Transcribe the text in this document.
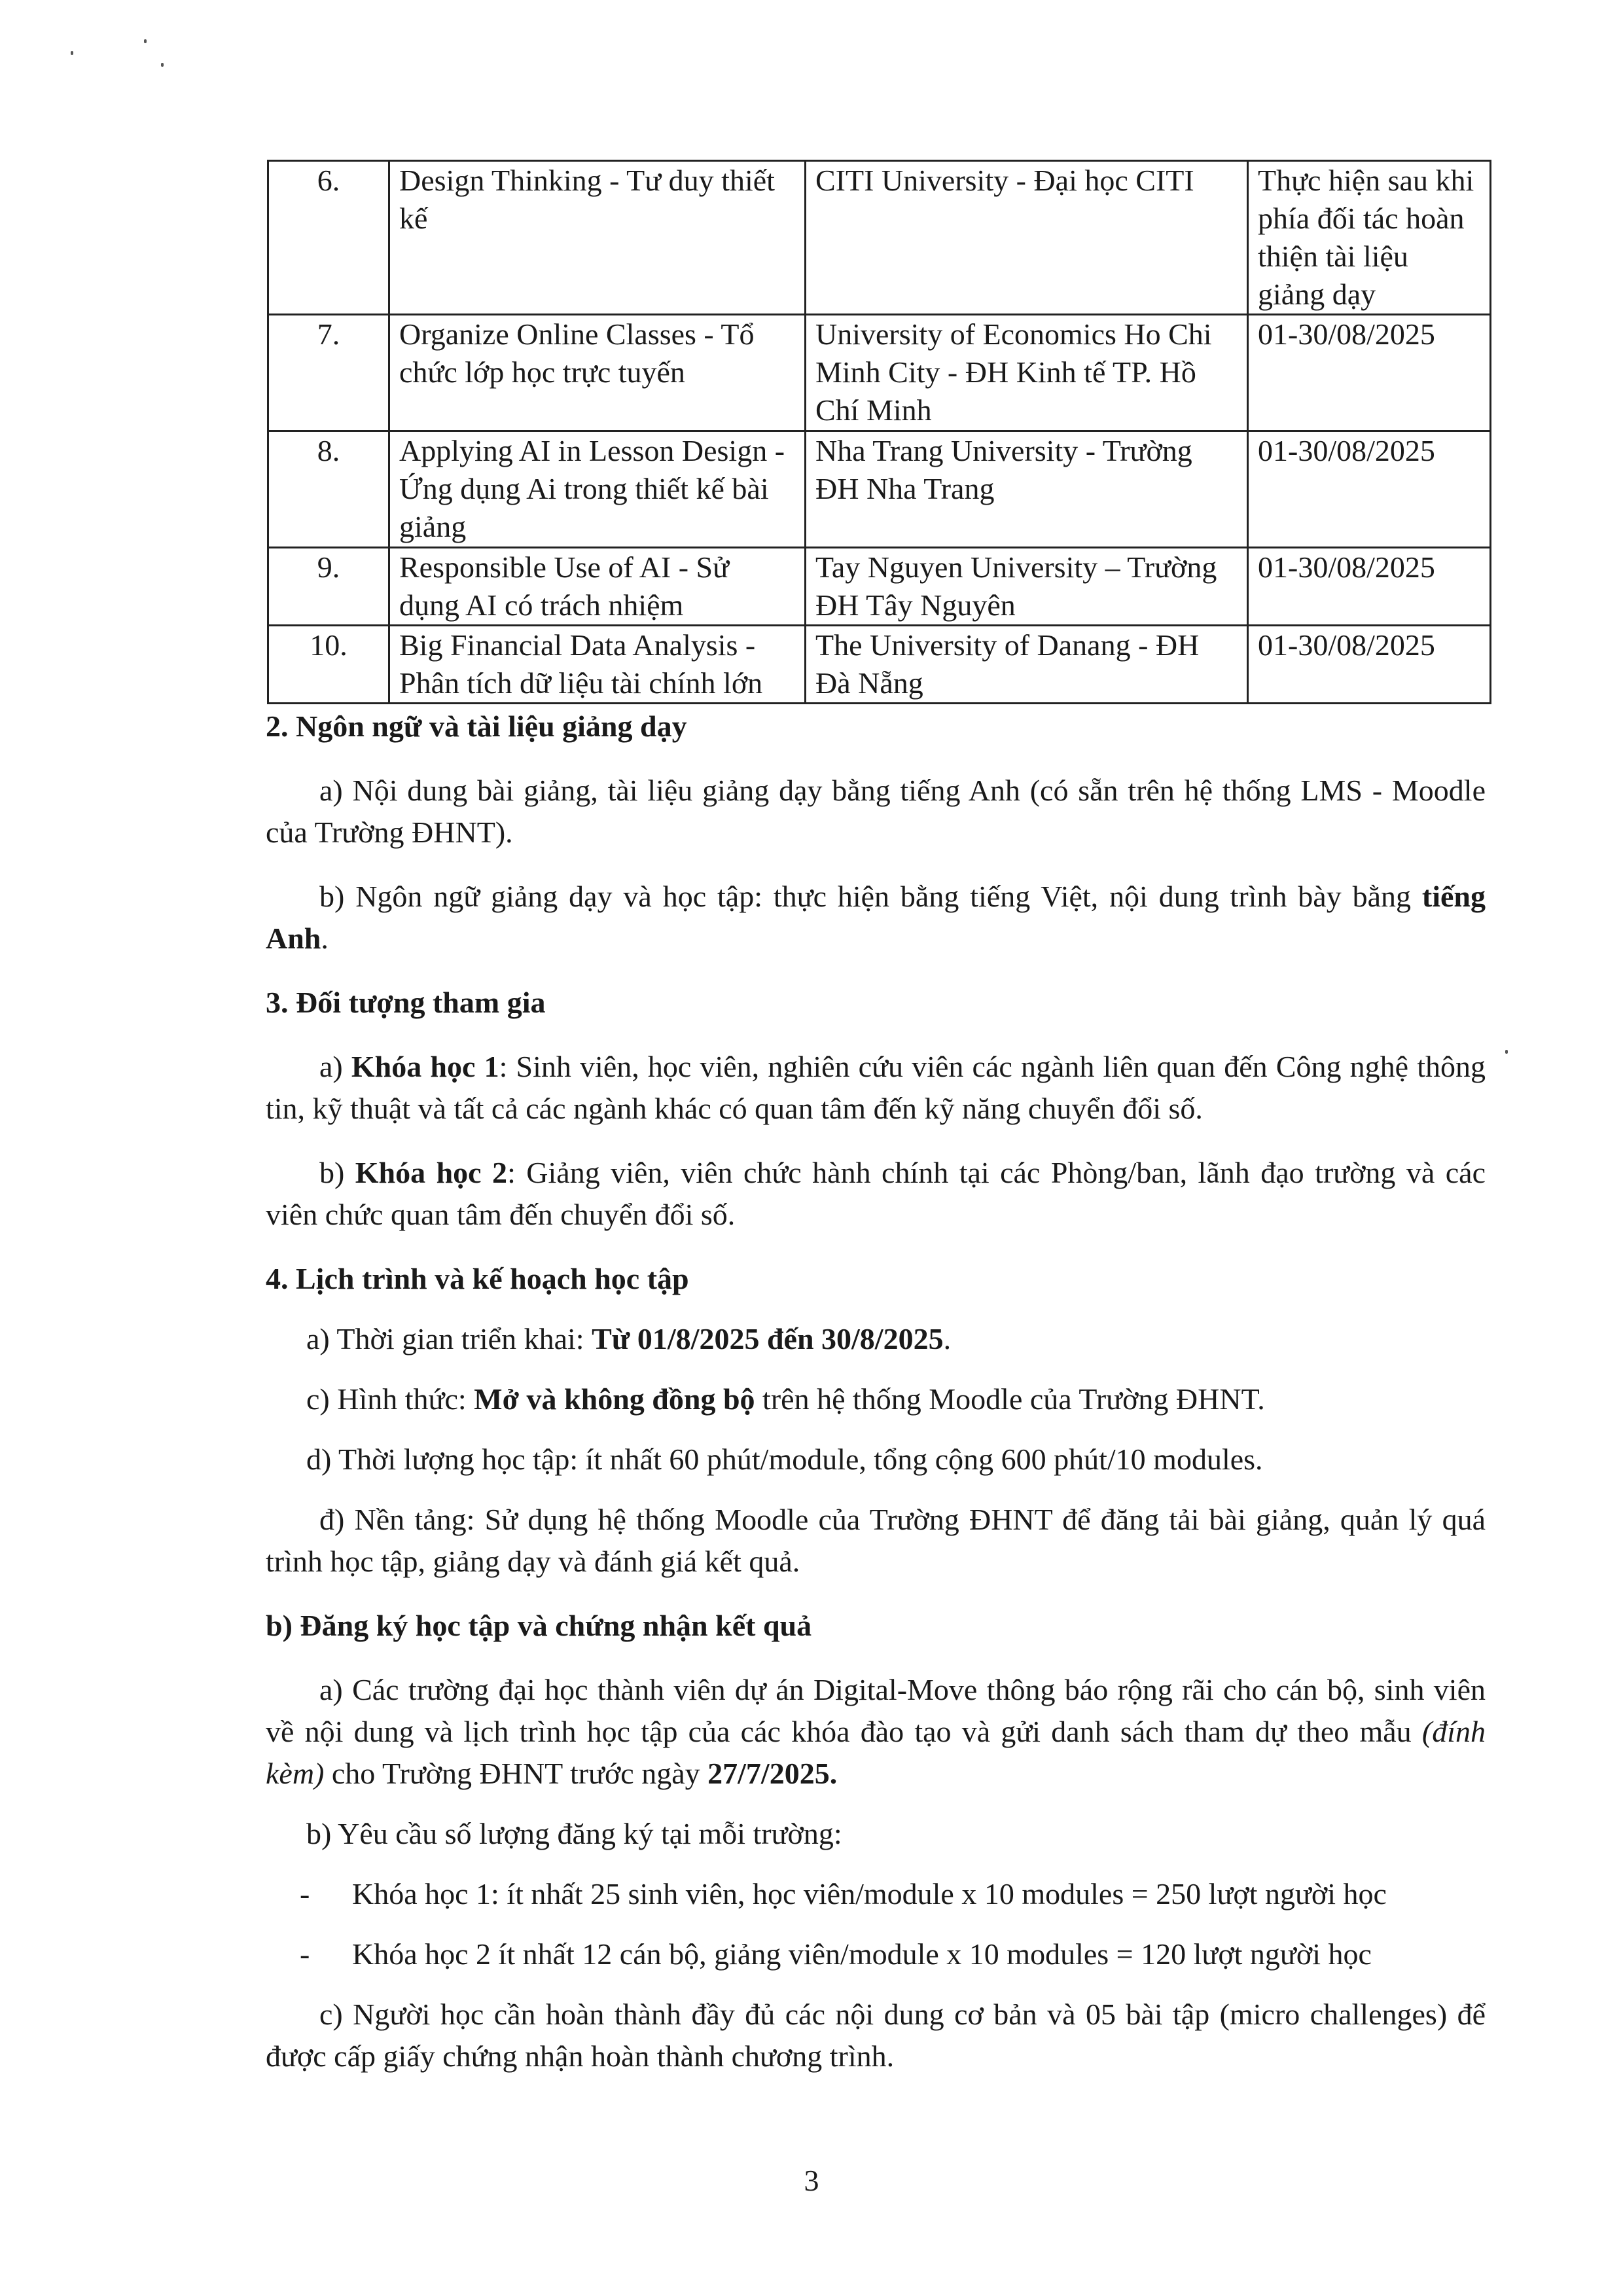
6.	Design Thinking - Tư duy thiết kế	CITI University - Đại học CITI	Thực hiện sau khi phía đối tác hoàn thiện tài liệu giảng dạy
7.	Organize Online Classes - Tổ chức lớp học trực tuyến	University of Economics Ho Chi Minh City - ĐH Kinh tế TP. Hồ Chí Minh	01-30/08/2025
8.	Applying AI in Lesson Design - Ứng dụng Ai trong thiết kế bài giảng	Nha Trang University - Trường ĐH Nha Trang	01-30/08/2025
9.	Responsible Use of AI - Sử dụng AI có trách nhiệm	Tay Nguyen University – Trường ĐH Tây Nguyên	01-30/08/2025
10.	Big Financial Data Analysis - Phân tích dữ liệu tài chính lớn	The University of Danang - ĐH Đà Nẵng	01-30/08/2025
2. Ngôn ngữ và tài liệu giảng dạy

a) Nội dung bài giảng, tài liệu giảng dạy bằng tiếng Anh (có sẵn trên hệ thống LMS - Moodle của Trường ĐHNT).

b) Ngôn ngữ giảng dạy và học tập: thực hiện bằng tiếng Việt, nội dung trình bày bằng tiếng Anh.

3. Đối tượng tham gia

a) Khóa học 1: Sinh viên, học viên, nghiên cứu viên các ngành liên quan đến Công nghệ thông tin, kỹ thuật và tất cả các ngành khác có quan tâm đến kỹ năng chuyển đổi số.

b) Khóa học 2: Giảng viên, viên chức hành chính tại các Phòng/ban, lãnh đạo trường và các viên chức quan tâm đến chuyển đổi số.

4. Lịch trình và kế hoạch học tập

a) Thời gian triển khai: Từ 01/8/2025 đến 30/8/2025.

c) Hình thức: Mở và không đồng bộ trên hệ thống Moodle của Trường ĐHNT.

d) Thời lượng học tập: ít nhất 60 phút/module, tổng cộng 600 phút/10 modules.

đ) Nền tảng: Sử dụng hệ thống Moodle của Trường ĐHNT để đăng tải bài giảng, quản lý quá trình học tập, giảng dạy và đánh giá kết quả.

b) Đăng ký học tập và chứng nhận kết quả

a) Các trường đại học thành viên dự án Digital-Move thông báo rộng rãi cho cán bộ, sinh viên về nội dung và lịch trình học tập của các khóa đào tạo và gửi danh sách tham dự theo mẫu (đính kèm) cho Trường ĐHNT trước ngày 27/7/2025.

b) Yêu cầu số lượng đăng ký tại mỗi trường:

-	Khóa học 1: ít nhất 25 sinh viên, học viên/module x 10 modules = 250 lượt người học
-	Khóa học 2 ít nhất 12 cán bộ, giảng viên/module x 10 modules = 120 lượt người học

c) Người học cần hoàn thành đầy đủ các nội dung cơ bản và 05 bài tập (micro challenges) để được cấp giấy chứng nhận hoàn thành chương trình.

3
